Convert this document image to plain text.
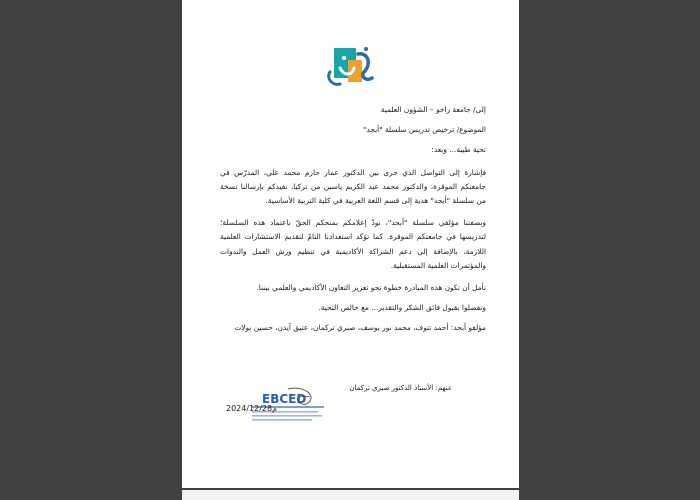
إلى/ جامعة زاخو – الشؤون العلمية

الموضوع/ ترخيص تدريس سلسلة "أبجد"

تحية طيبة... وبعد:

فإشارة إلى التواصل الذي جرى بين الدكتور عمار حازم محمد علي، المدرّس في جامعتكم الموقرة، والدكتور محمد عبد الكريم ياسين من تركيا، نفيدكم بإرسالنا نسخة من سلسلة "أبجد" هدية إلى قسم اللغة العربية في كلية التربية الأساسية.

وبصفتنا مؤلفي سلسلة "أبجد"، نودّ إعلامكم بمنحكم الحقّ باعتماد هذه السلسلة؛ لتدريسها في جامعتكم الموقرة. كما نؤكد استعدادنا التامّ لتقديم الاستشارات العلمية اللازمة، بالإضافة إلى دعم الشراكة الأكاديمية في تنظيم ورش العمل والندوات والمؤتمرات العلمية المستقبلية.

نأمل أن تكون هذه المبادرة خطوة نحو تعزيز التعاون الأكاديمي والعلمي بيننا.

وتفضلوا بقبول فائق الشكر والتقدير... مع خالص التحية.

مؤلفو أبجد: أحمد تتوف، محمد نور يوسف، صبري تركمان، عتيق آيدن، حسين بولات

عنهم: الأستاذ الدكتور صبري تركمان
EBCED
2024/12/28م
